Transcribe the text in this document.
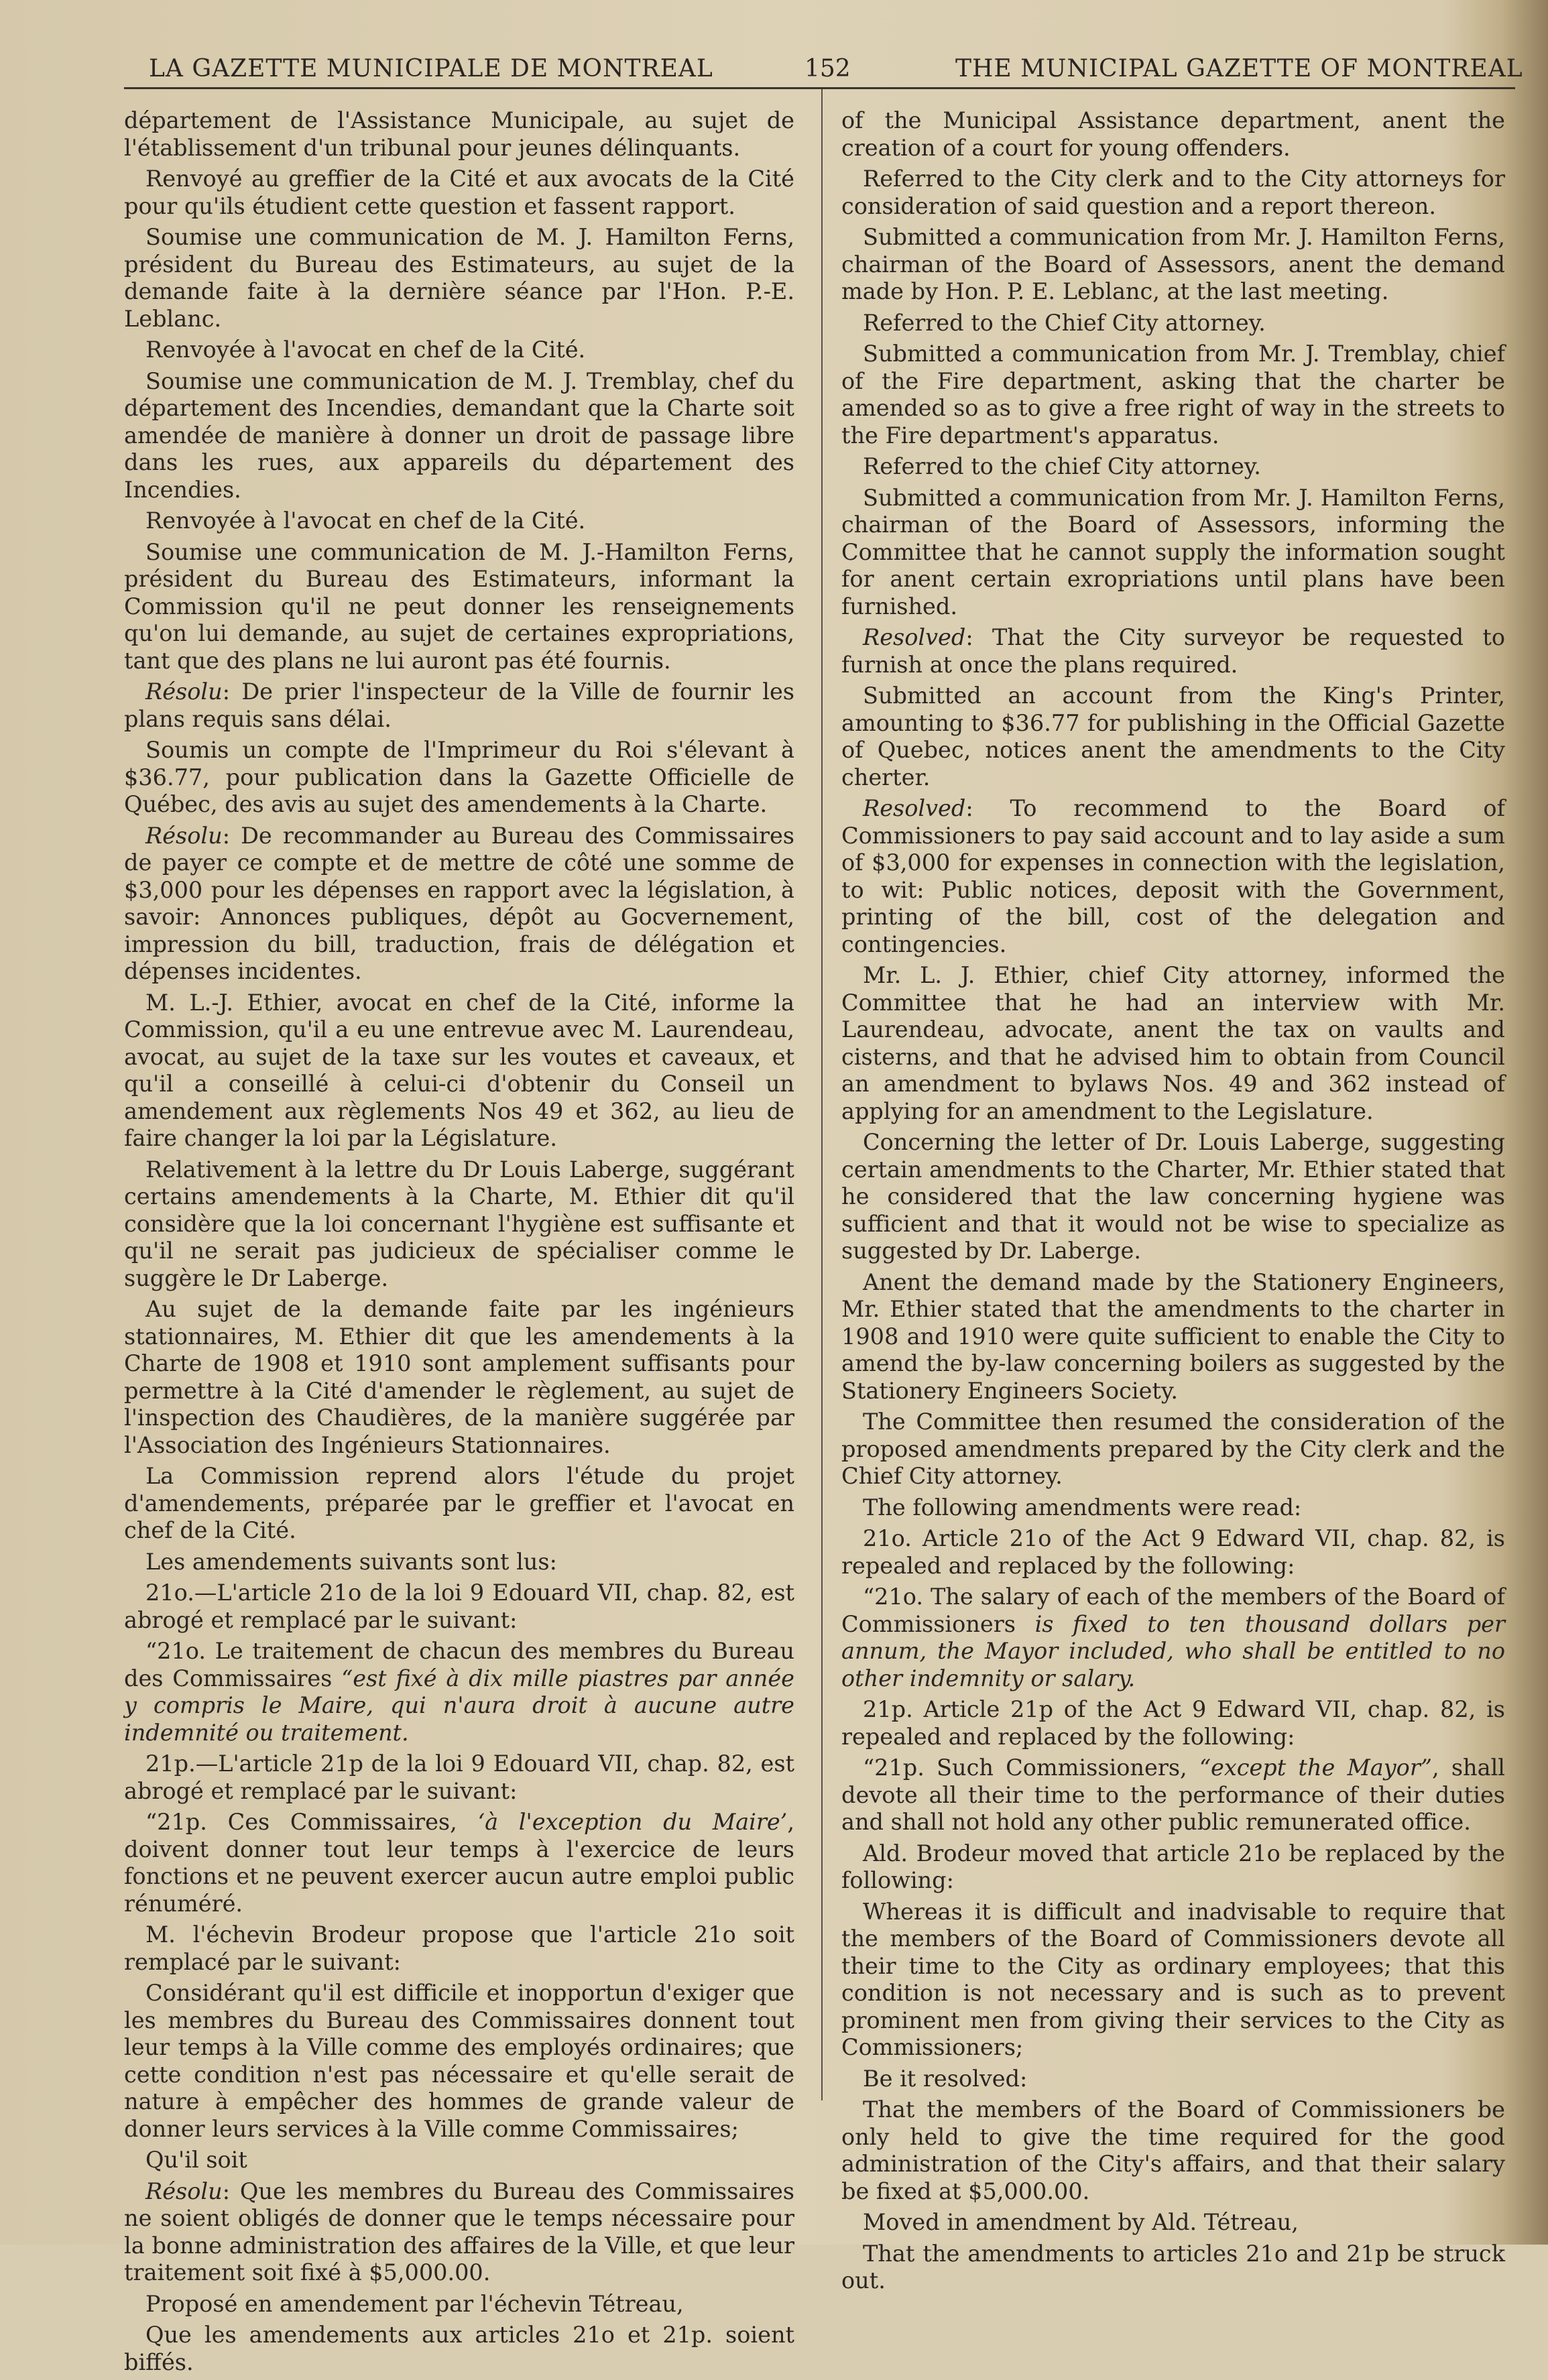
LA GAZETTE MUNICIPALE DE MONTREAL	152	THE MUNICIPAL GAZETTE OF MONTREAL

département de l'Assistance Municipale, au sujet de l'établissement d'un tribunal pour jeunes délinquants.

Renvoyé au greffier de la Cité et aux avocats de la Cité pour qu'ils étudient cette question et fassent rapport.

Soumise une communication de M. J. Hamilton Ferns, président du Bureau des Estimateurs, au sujet de la demande faite à la dernière séance par l'Hon. P.-E. Leblanc.

Renvoyée à l'avocat en chef de la Cité.

Soumise une communication de M. J. Tremblay, chef du département des Incendies, demandant que la Charte soit amendée de manière à donner un droit de passage libre dans les rues, aux appareils du département des Incendies.

Renvoyée à l'avocat en chef de la Cité.

Soumise une communication de M. J.-Hamilton Ferns, président du Bureau des Estimateurs, informant la Commission qu'il ne peut donner les renseignements qu'on lui demande, au sujet de certaines expropriations, tant que des plans ne lui auront pas été fournis.

Résolu: De prier l'inspecteur de la Ville de fournir les plans requis sans délai.

Soumis un compte de l'Imprimeur du Roi s'élevant à $36.77, pour publication dans la Gazette Officielle de Québec, des avis au sujet des amendements à la Charte.

Résolu: De recommander au Bureau des Commissaires de payer ce compte et de mettre de côté une somme de $3,000 pour les dépenses en rapport avec la législation, à savoir: Annonces publiques, dépôt au Gocvernement, impression du bill, traduction, frais de délégation et dépenses incidentes.

M. L.-J. Ethier, avocat en chef de la Cité, informe la Commission, qu'il a eu une entrevue avec M. Laurendeau, avocat, au sujet de la taxe sur les voutes et caveaux, et qu'il a conseillé à celui-ci d'obtenir du Conseil un amendement aux règlements Nos 49 et 362, au lieu de faire changer la loi par la Législature.

Relativement à la lettre du Dr Louis Laberge, suggérant certains amendements à la Charte, M. Ethier dit qu'il considère que la loi concernant l'hygiène est suffisante et qu'il ne serait pas judicieux de spécialiser comme le suggère le Dr Laberge.

Au sujet de la demande faite par les ingénieurs stationnaires, M. Ethier dit que les amendements à la Charte de 1908 et 1910 sont amplement suffisants pour permettre à la Cité d'amender le règlement, au sujet de l'inspection des Chaudières, de la manière suggérée par l'Association des Ingénieurs Stationnaires.

La Commission reprend alors l'étude du projet d'amendements, préparée par le greffier et l'avocat en chef de la Cité.

Les amendements suivants sont lus:

21o.—L'article 21o de la loi 9 Edouard VII, chap. 82, est abrogé et remplacé par le suivant:

“21o. Le traitement de chacun des membres du Bureau des Commissaires “est fixé à dix mille piastres par année y compris le Maire, qui n'aura droit à aucune autre indemnité ou traitement.

21p.—L'article 21p de la loi 9 Edouard VII, chap. 82, est abrogé et remplacé par le suivant:

“21p. Ces Commissaires, ‘à l'exception du Maire’, doivent donner tout leur temps à l'exercice de leurs fonctions et ne peuvent exercer aucun autre emploi public rénuméré.

M. l'échevin Brodeur propose que l'article 21o soit remplacé par le suivant:

Considérant qu'il est difficile et inopportun d'exiger que les membres du Bureau des Commissaires donnent tout leur temps à la Ville comme des employés ordinaires; que cette condition n'est pas nécessaire et qu'elle serait de nature à empêcher des hommes de grande valeur de donner leurs services à la Ville comme Commissaires;

Qu'il soit

Résolu: Que les membres du Bureau des Commissaires ne soient obligés de donner que le temps nécessaire pour la bonne administration des affaires de la Ville, et que leur traitement soit fixé à $5,000.00.

Proposé en amendement par l'échevin Tétreau,

Que les amendements aux articles 21o et 21p. soient biffés.

of the Municipal Assistance department, anent the creation of a court for young offenders.

Referred to the City clerk and to the City attorneys for consideration of said question and a report thereon.

Submitted a communication from Mr. J. Hamilton Ferns, chairman of the Board of Assessors, anent the demand made by Hon. P. E. Leblanc, at the last meeting.

Referred to the Chief City attorney.

Submitted a communication from Mr. J. Tremblay, chief of the Fire department, asking that the charter be amended so as to give a free right of way in the streets to the Fire department's apparatus.

Referred to the chief City attorney.

Submitted a communication from Mr. J. Hamilton Ferns, chairman of the Board of Assessors, informing the Committee that he cannot supply the information sought for anent certain exropriations until plans have been furnished.

Resolved: That the City surveyor be requested to furnish at once the plans required.

Submitted an account from the King's Printer, amounting to $36.77 for publishing in the Official Gazette of Quebec, notices anent the amendments to the City cherter.

Resolved: To recommend to the Board of Commissioners to pay said account and to lay aside a sum of $3,000 for expenses in connection with the legislation, to wit: Public notices, deposit with the Government, printing of the bill, cost of the delegation and contingencies.

Mr. L. J. Ethier, chief City attorney, informed the Committee that he had an interview with Mr. Laurendeau, advocate, anent the tax on vaults and cisterns, and that he advised him to obtain from Council an amendment to bylaws Nos. 49 and 362 instead of applying for an amendment to the Legislature.

Concerning the letter of Dr. Louis Laberge, suggesting certain amendments to the Charter, Mr. Ethier stated that he considered that the law concerning hygiene was sufficient and that it would not be wise to specialize as suggested by Dr. Laberge.

Anent the demand made by the Stationery Engineers, Mr. Ethier stated that the amendments to the charter in 1908 and 1910 were quite sufficient to enable the City to amend the by-law concerning boilers as suggested by the Stationery Engineers Society.

The Committee then resumed the consideration of the proposed amendments prepared by the City clerk and the Chief City attorney.

The following amendments were read:

21o. Article 21o of the Act 9 Edward VII, chap. 82, is repealed and replaced by the following:

“21o. The salary of each of the members of the Board of Commissioners is fixed to ten thousand dollars per annum, the Mayor included, who shall be entitled to no other indemnity or salary.

21p. Article 21p of the Act 9 Edward VII, chap. 82, is repealed and replaced by the following:

“21p. Such Commissioners, “except the Mayor”, shall devote all their time to the performance of their duties and shall not hold any other public remunerated office.

Ald. Brodeur moved that article 21o be replaced by the following:

Whereas it is difficult and inadvisable to require that the members of the Board of Commissioners devote all their time to the City as ordinary employees; that this condition is not necessary and is such as to prevent prominent men from giving their services to the City as Commissioners;

Be it resolved:

That the members of the Board of Commissioners be only held to give the time required for the good administration of the City's affairs, and that their salary be fixed at $5,000.00.

Moved in amendment by Ald. Tétreau,

That the amendments to articles 21o and 21p be struck out.
